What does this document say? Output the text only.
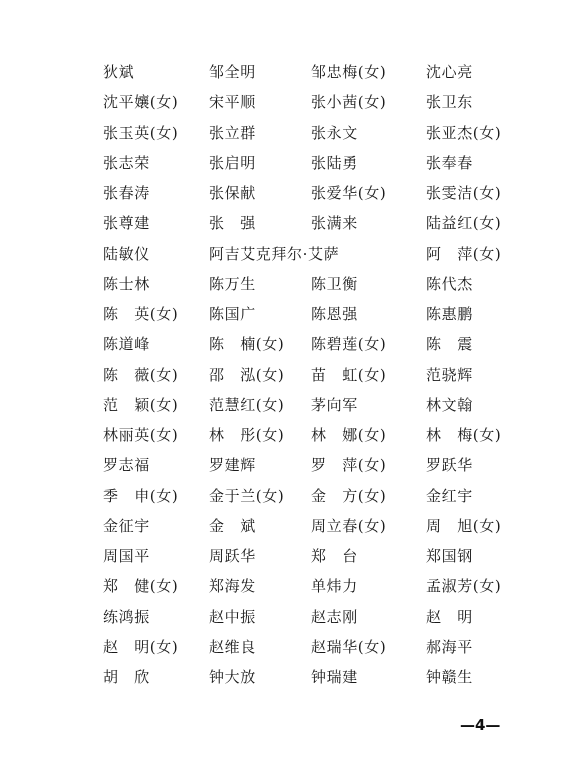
狄斌	邹全明	邹忠梅(女)	沈心亮
沈平孃(女) 宋平顺	张小茜(女)	张卫东
张玉英(女) 张立群	张永文	张亚杰(女)
张志荣	张启明	张陆勇	张奉春
张春涛	张保献	张爱华(女)	张雯洁(女)
张尊建	张　强	张满来	陆益红(女)
陆敏仪	阿吉艾克拜尔·艾萨	阿　萍(女)
陈士林	陈万生	陈卫衡	陈代杰
陈　英(女) 陈国广	陈恩强	陈惠鹏
陈道峰	陈　楠(女) 陈碧莲(女)	陈　震
陈　薇(女) 邵　泓(女) 苗　虹(女)	范骁辉
范　颖(女) 范慧红(女) 茅向军	林文翰
林丽英(女) 林　彤(女) 林　娜(女)	林　梅(女)
罗志福	罗建辉	罗　萍(女)	罗跃华
季　申(女) 金于兰(女) 金　方(女)	金红宇
金征宇	金　斌	周立春(女)	周　旭(女)
周国平	周跃华	郑　台	郑国钢
郑　健(女) 郑海发	单炜力	孟淑芳(女)
练鸿振	赵中振	赵志刚	赵　明
赵　明(女) 赵维良	赵瑞华(女)	郝海平
胡　欣	钟大放	钟瑞建	钟赣生
—4—
